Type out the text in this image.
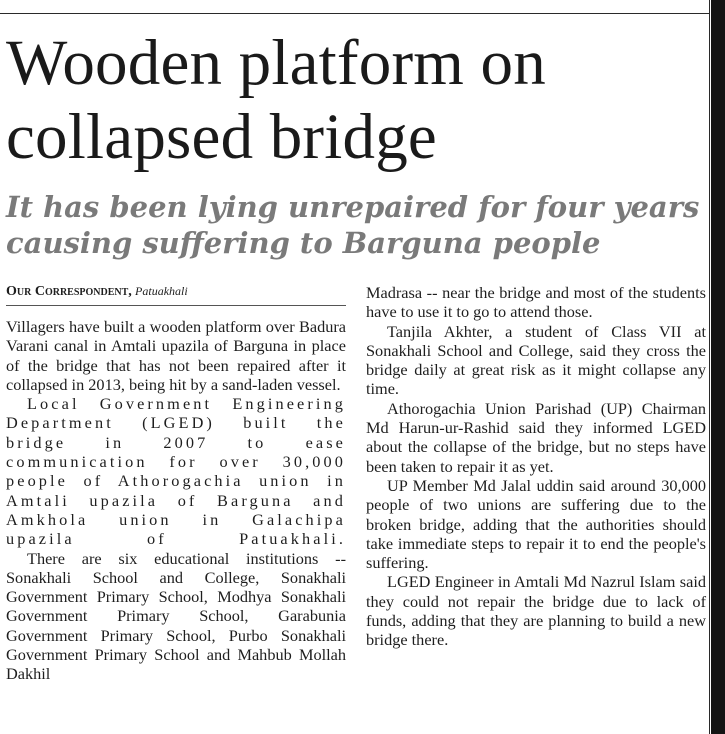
Wooden platform on
collapsed bridge
It has been lying unrepaired for four years
causing suffering to Barguna people
Our Correspondent, Patuakhali

Villagers have built a wooden platform over Badura Varani canal in Amtali upazila of Barguna in place of the bridge that has not been repaired after it collapsed in 2013, being hit by a sand-laden vessel.

Local Government Engineering Department (LGED) built the bridge in 2007 to ease communication for over 30,000 people of Athorogachia union in Amtali upazila of Barguna and Amkhola union in Galachipa upazila of Patuakhali.

There are six educational institutions -- Sonakhali School and College, Sonakhali Government Primary School, Modhya Sonakhali Government Primary School, Garabunia Government Primary School, Purbo Sonakhali Government Primary School and Mahbub Mollah Dakhil

Madrasa -- near the bridge and most of the students have to use it to go to attend those.

Tanjila Akhter, a student of Class VII at Sonakhali School and College, said they cross the bridge daily at great risk as it might collapse any time.

Athorogachia Union Parishad (UP) Chairman Md Harun-ur-Rashid said they informed LGED about the collapse of the bridge, but no steps have been taken to repair it as yet.

UP Member Md Jalal uddin said around 30,000 people of two unions are suffering due to the broken bridge, adding that the authorities should take immediate steps to repair it to end the people's suffering.

LGED Engineer in Amtali Md Nazrul Islam said they could not repair the bridge due to lack of funds, adding that they are planning to build a new bridge there.
